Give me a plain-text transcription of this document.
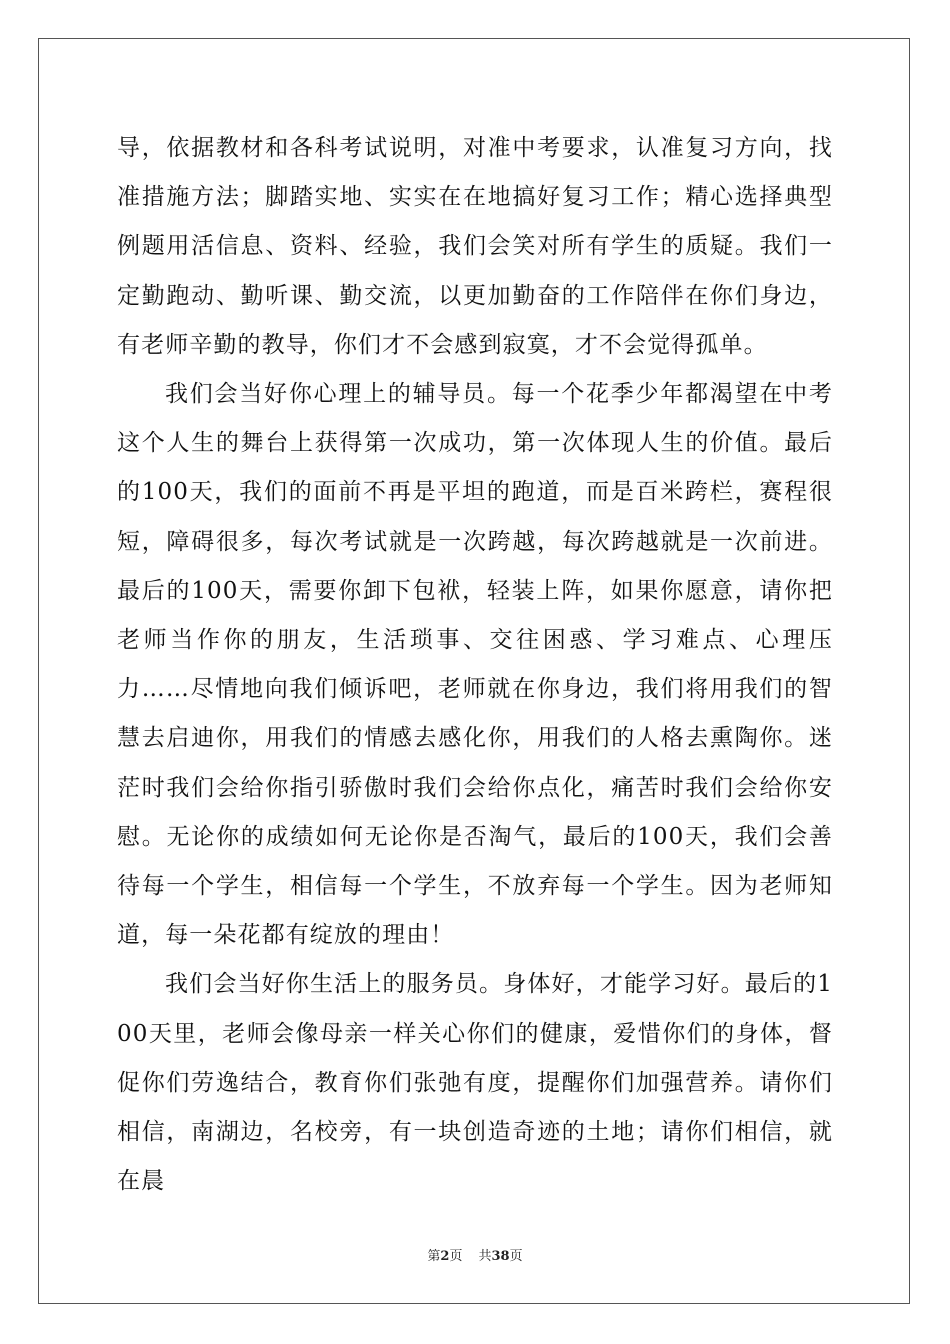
导，依据教材和各科考试说明，对准中考要求，认准复习方向，找准措施方法；脚踏实地、实实在在地搞好复习工作；精心选择典型例题用活信息、资料、经验，我们会笑对所有学生的质疑。我们一定勤跑动、勤听课、勤交流，以更加勤奋的工作陪伴在你们身边，有老师辛勤的教导，你们才不会感到寂寞，才不会觉得孤单。

我们会当好你心理上的辅导员。每一个花季少年都渴望在中考这个人生的舞台上获得第一次成功，第一次体现人生的价值。最后的100天，我们的面前不再是平坦的跑道，而是百米跨栏，赛程很短，障碍很多，每次考试就是一次跨越，每次跨越就是一次前进。最后的100天，需要你卸下包袱，轻装上阵，如果你愿意，请你把老师当作你的朋友，生活琐事、交往困惑、学习难点、心理压力……尽情地向我们倾诉吧，老师就在你身边，我们将用我们的智慧去启迪你，用我们的情感去感化你，用我们的人格去熏陶你。迷茫时我们会给你指引骄傲时我们会给你点化，痛苦时我们会给你安慰。无论你的成绩如何无论你是否淘气，最后的100天，我们会善待每一个学生，相信每一个学生，不放弃每一个学生。因为老师知道，每一朵花都有绽放的理由！

我们会当好你生活上的服务员。身体好，才能学习好。最后的100天里，老师会像母亲一样关心你们的健康，爱惜你们的身体，督促你们劳逸结合，教育你们张弛有度，提醒你们加强营养。请你们相信，南湖边，名校旁，有一块创造奇迹的土地；请你们相信，就在晨

第2页 共38页
